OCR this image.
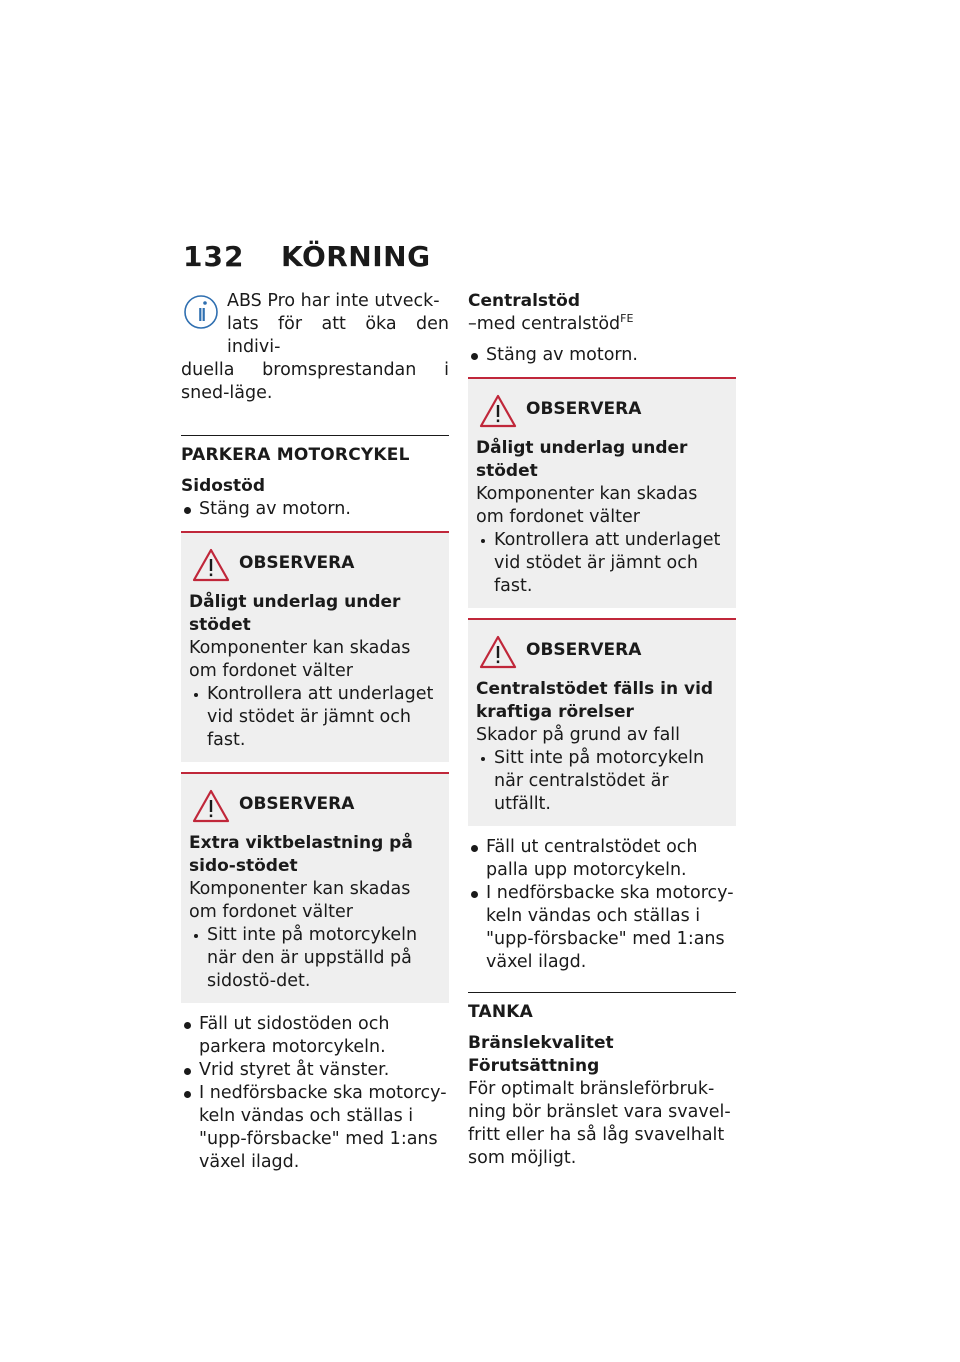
132 KÖRNING
ABS Pro har inte utveck-
lats för att öka den indivi-
duella bromsprestandan i sned-läge.
PARKERA MOTORCYKEL
Sidostöd
Stäng av motorn.
OBSERVERA
Dåligt underlag under stödet
Komponenter kan skadas om fordonet välter
Kontrollera att underlaget vid stödet är jämnt och fast.
OBSERVERA
Extra viktbelastning på sido-stödet
Komponenter kan skadas om fordonet välter
Sitt inte på motorcykeln när den är uppställd på sidostö-det.
Fäll ut sidostöden och parkera motorcykeln.
Vrid styret åt vänster.
I nedförsbacke ska motorcy-keln vändas och ställas i "upp-försbacke" med 1:ans växel ilagd.
Centralstöd
–med centralstöd$^{FE}$
Stäng av motorn.
OBSERVERA
Dåligt underlag under stödet
Komponenter kan skadas om fordonet välter
Kontrollera att underlaget vid stödet är jämnt och fast.
OBSERVERA
Centralstödet fälls in vid kraftiga rörelser
Skador på grund av fall
Sitt inte på motorcykeln när centralstödet är utfällt.
Fäll ut centralstödet och palla upp motorcykeln.
I nedförsbacke ska motorcy-keln vändas och ställas i "upp-försbacke" med 1:ans växel ilagd.
TANKA
Bränslekvalitet
Förutsättning
För optimalt bränsleförbruk-ning bör bränslet vara svavel-fritt eller ha så låg svavelhalt som möjligt.
